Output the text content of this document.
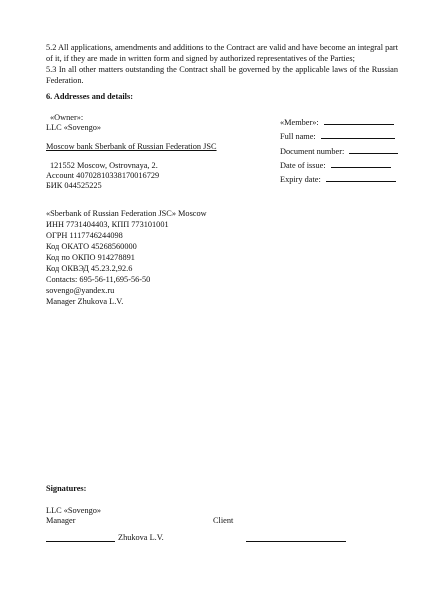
5.2 All applications, amendments and additions to the Contract are valid and have become an integral part of it, if they are made in written form and signed by authorized representatives of the Parties;
5.3 In all other matters outstanding the Contract shall be governed by the applicable laws of the Russian Federation.
6. Addresses and details:
«Owner»:
LLC «Sovengo»
Moscow bank Sberbank of Russian Federation JSC
121552 Moscow, Ostrovnaya, 2.
Account 40702810338170016729
БИК 044525225
«Member»:
Full name:
Document number:
Date of issue:
Expiry date:
«Sberbank of Russian Federation JSC» Moscow
ИНН 7731404403, КПП 773101001
ОГРН 1117746244098
Код ОКАТО 45268560000
Код по ОКПО 914278891
Код ОКВЭД 45.23.2,92.6
Contacts: 695-56-11,695-56-50
sovengo@yandex.ru
Manager Zhukova L.V.
Signatures:
LLC «Sovengo»
Manager	Client
Zhukova L.V.
